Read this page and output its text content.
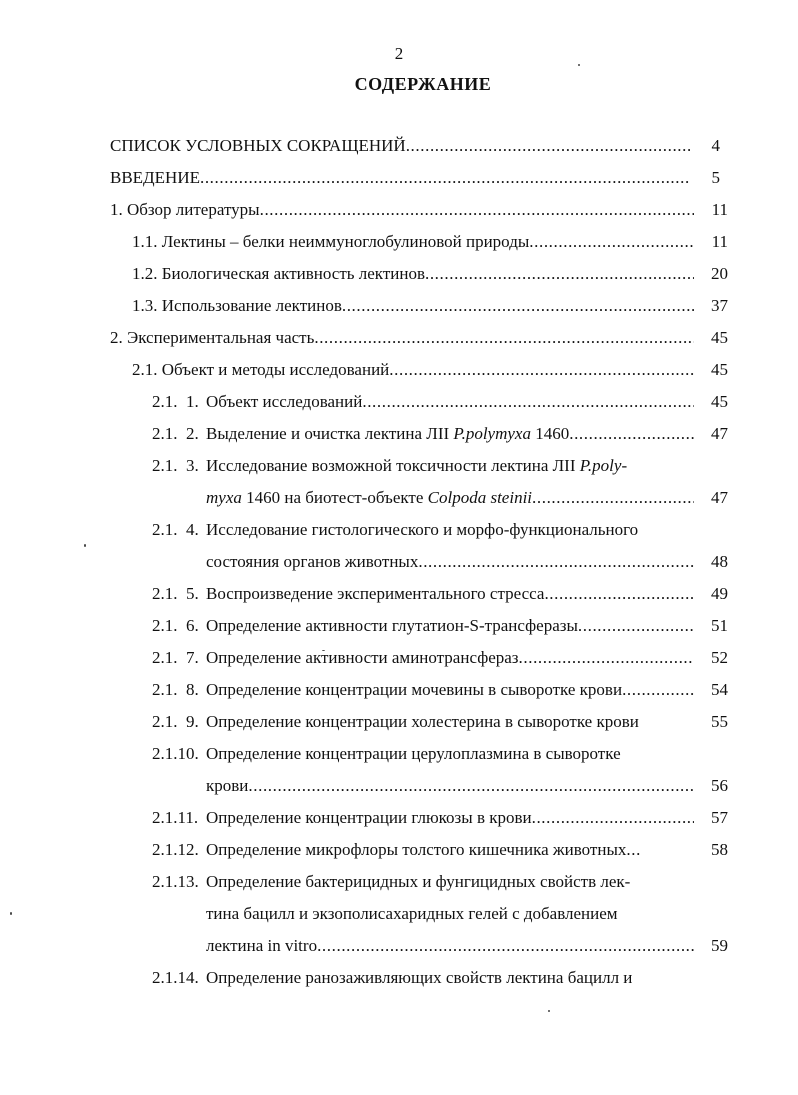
2
СОДЕРЖАНИЕ
СПИСОК УСЛОВНЫХ СОКРАЩЕНИЙ .....	4
ВВЕДЕНИЕ .....	5
1. Обзор литературы .....	11
1.1. Лектины – белки неиммуноглобулиновой природы .....	11
1.2. Биологическая активность лектинов .....	20
1.3. Использование лектинов .....	37
2. Экспериментальная часть .....	45
2.1. Объект и методы исследований .....	45
2.1.  1. Объект исследований .....	45
2.1.  2. Выделение и очистка лектина ЛII P.polymyxa 1460 .....	47
2.1.  3. Исследование возможной токсичности лектина ЛII P.poly-
myxa 1460 на биотест-объекте Colpoda steinii .....	47
2.1.  4. Исследование гистологического и морфо-функционального
состояния органов животных .....	48
2.1.  5. Воспроизведение экспериментального стресса .....	49
2.1.  6. Определение активности глутатион-S-трансферазы .....	51
2.1.  7. Определение активности аминотрансфераз .....	52
2.1.  8. Определение концентрации мочевины в сыворотке крови .....	54
2.1.  9. Определение концентрации холестерина в сыворотке крови	55
2.1.10. Определение концентрации церулоплазмина в сыворотке
крови .....	56
2.1.11. Определение концентрации глюкозы в крови .....	57
2.1.12. Определение микрофлоры толстого кишечника животных .....	58
2.1.13. Определение бактерицидных и фунгицидных свойств лек-
тина бацилл и экзополисахаридных гелей с добавлением
лектина in vitro .....	59
2.1.14. Определение ранозаживляющих свойств лектина бацилл и
